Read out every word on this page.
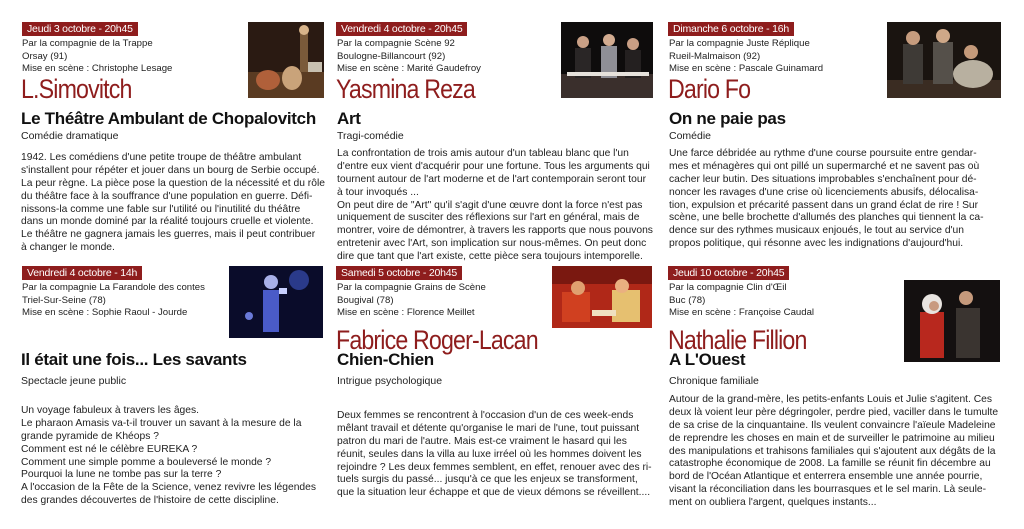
Jeudi 3 octobre - 20h45
Par la compagnie de la Trappe
Orsay (91)
Mise en scène : Christophe Lesage
L.Simovitch
Le Théâtre Ambulant de Chopalovitch
Comédie dramatique
1942. Les comédiens d'une petite troupe de théâtre ambulant
s'installent pour répéter et jouer dans un bourg de Serbie occupé.
La peur règne. La pièce pose la question de la nécessité et du rôle
du théâtre face à la souffrance d'une population en guerre. Défi-
nissons-la comme une fable sur l'utilité ou l'inutilité du théâtre
dans un monde dominé par la réalité toujours cruelle et violente.
Le théâtre ne gagnera jamais les guerres, mais il peut contribuer
à changer le monde.
Vendredi 4 octobre - 20h45
Par la compagnie Scène 92
Boulogne-Billancourt (92)
Mise en scène : Marité Gaudefroy
Yasmina Reza
Art
Tragi-comédie
La confrontation de trois amis autour d'un tableau blanc que l'un
d'entre eux vient d'acquérir pour une fortune. Tous les arguments qui
tournent autour de l'art moderne et de l'art contemporain seront tour
à tour invoqués ...
On peut dire de "Art" qu'il s'agit d'une œuvre dont la force n'est pas
uniquement de susciter des réflexions sur l'art en général, mais de
montrer, voire de démontrer, à travers les rapports que nous pouvons
entretenir avec l'Art, son implication sur nous-mêmes. On peut donc
dire que tant que l'art existe, cette pièce sera toujours intemporelle.
Dimanche 6 octobre - 16h
Par la compagnie Juste Réplique
Rueil-Malmaison (92)
Mise en scène : Pascale Guinamard
Dario Fo
On ne paie pas
Comédie
Une farce débridée au rythme d'une course poursuite entre gendar-
mes et ménagères qui ont pillé un supermarché et ne savent pas où
cacher leur butin. Des situations improbables s'enchaînent pour dé-
noncer les ravages d'une crise où licenciements abusifs, délocalisa-
tion, expulsion et précarité passent dans un grand éclat de rire ! Sur
scène, une belle brochette d'allumés des planches qui tiennent la ca-
dence sur des rythmes musicaux enjoués, le tout au service d'un
propos politique, qui résonne avec les indignations d'aujourd'hui.
Vendredi 4 octobre - 14h
Par la compagnie La Farandole des contes
Triel-Sur-Seine (78)
Mise en scène : Sophie Raoul - Jourde
Il était une fois... Les savants
Spectacle jeune public
Un voyage fabuleux à travers les âges.
Le pharaon Amasis va-t-il trouver un savant à la mesure de la
grande pyramide de Khéops ?
Comment est né le célèbre EUREKA ?
Comment une simple pomme a bouleversé le monde ?
Pourquoi la lune ne tombe pas sur la terre ?
A l'occasion de la Fête de la Science, venez revivre les légendes
des grandes découvertes de l'histoire de cette discipline.
Samedi 5 octobre - 20h45
Par la compagnie Grains de Scène
Bougival (78)
Mise en scène : Florence Meillet
Fabrice Roger-Lacan
Chien-Chien
Intrigue psychologique
Deux femmes se rencontrent à l'occasion d'un de ces week-ends
mêlant travail et détente qu'organise le mari de l'une, tout puissant
patron du mari de l'autre. Mais est-ce vraiment le hasard qui les
réunit, seules dans la villa au luxe irréel où les hommes doivent les
rejoindre ? Les deux femmes semblent, en effet, renouer avec des ri-
tuels surgis du passé... jusqu'à ce que les enjeux se transforment,
que la situation leur échappe et que de vieux démons se réveillent....
Jeudi 10 octobre - 20h45
Par la compagnie Clin d'Œil
Buc (78)
Mise en scène : Françoise Caudal
Nathalie Fillion
A L'Ouest
Chronique familiale
Autour de la grand-mère, les petits-enfants Louis et Julie s'agitent. Ces
deux là voient leur père dégringoler, perdre pied, vaciller dans le tumulte
de sa crise de la cinquantaine. Ils veulent convaincre l'aïeule Madeleine
de reprendre les choses en main et de surveiller le patrimoine au milieu
des manipulations et trahisons familiales qui s'ajoutent aux dégâts de la
catastrophe économique de 2008. La famille se réunit fin décembre au
bord de l'Océan Atlantique et enterrera ensemble une année pourrie,
visant la réconciliation dans les bourrasques et le sel marin. Là seule-
ment on oubliera l'argent, quelques instants...
